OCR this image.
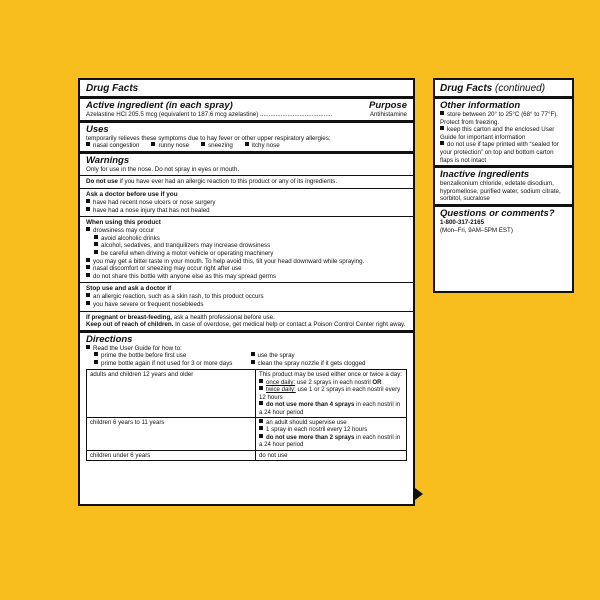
Drug Facts
Active ingredient (in each spray)	Purpose
Azelastine HCl 205.5 mcg (equivalent to 187.6 mcg azelastine) ..........................................	Antihistamine
Uses
temporarily relieves these symptoms due to hay fever or other upper respiratory allergies:
nasal congestion	runny nose	sneezing	itchy nose
Warnings
Only for use in the nose. Do not spray in eyes or mouth.
Do not use if you have ever had an allergic reaction to this product or any of its ingredients.
Ask a doctor before use if you
have had recent nose ulcers or nose surgery
have had a nose injury that has not healed
When using this product
drowsiness may occur
avoid alcoholic drinks
alcohol, sedatives, and tranquilizers may increase drowsiness
be careful when driving a motor vehicle or operating machinery
you may get a bitter taste in your mouth. To help avoid this, tilt your head downward while spraying.
nasal discomfort or sneezing may occur right after use
do not share this bottle with anyone else as this may spread germs
Stop use and ask a doctor if
an allergic reaction, such as a skin rash, to this product occurs
you have severe or frequent nosebleeds
If pregnant or breast-feeding, ask a health professional before use.
Keep out of reach of children. In case of overdose, get medical help or contact a Poison Control Center right away.
Directions
Read the User Guide for how to:
prime the bottle before first use	use the spray
prime bottle again if not used for 3 or more days	clean the spray nozzle if it gets clogged
adults and children 12 years and older	This product may be used either once or twice a day:
once daily: use 2 sprays in each nostril OR
twice daily: use 1 or 2 sprays in each nostril every 12 hours
do not use more than 4 sprays in each nostril in a 24 hour period

children 6 years to 11 years	an adult should supervise use
1 spray in each nostril every 12 hours
do not use more than 2 sprays in each nostril in a 24 hour period

children under 6 years	do not use
Drug Facts (continued)
Other information
store between 20° to 25°C (68° to 77°F). Protect from freezing.
keep this carton and the enclosed User Guide for important information
do not use if tape printed with “sealed for your protection” on top and bottom carton flaps is not intact
Inactive ingredients
benzalkonium chloride, edetate disodium, hypromellose, purified water, sodium citrate, sorbitol, sucralose
Questions or comments?
1-800-317-2165
(Mon–Fri, 9AM–5PM EST)
